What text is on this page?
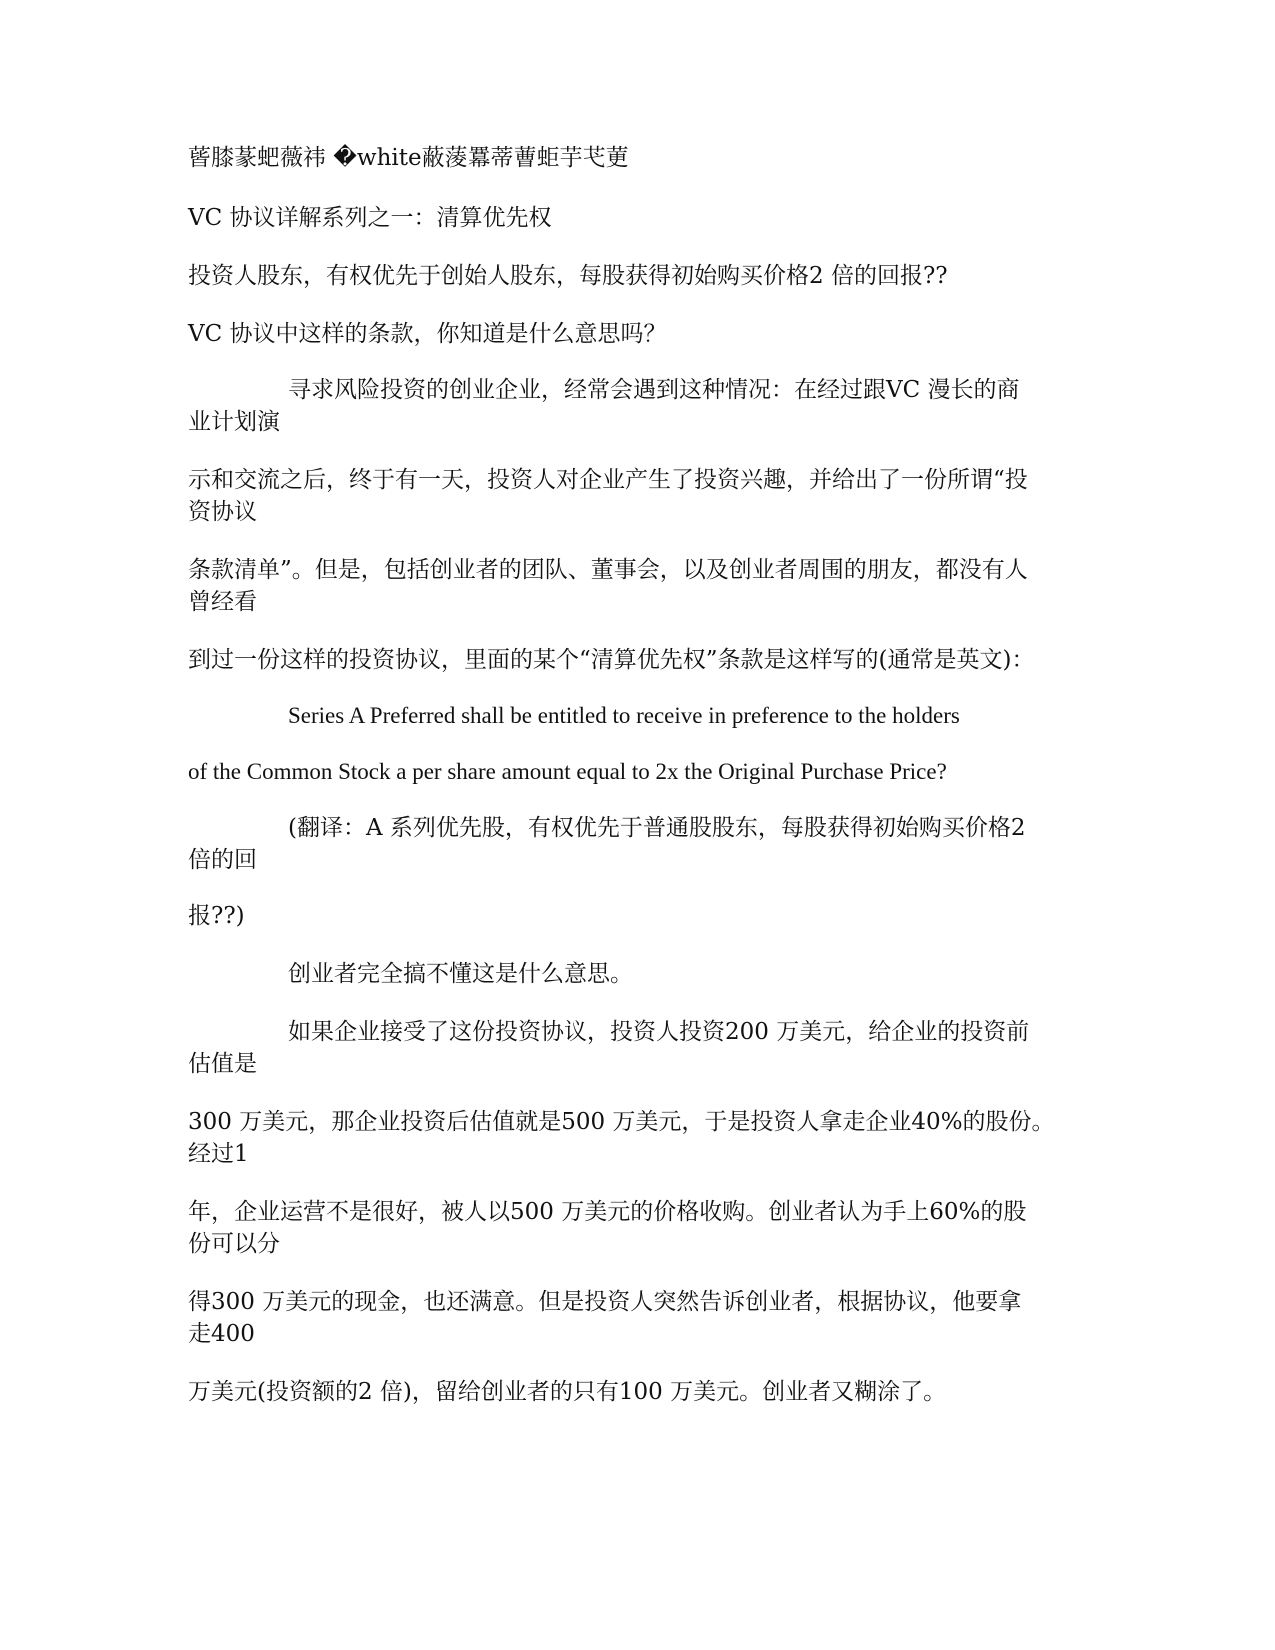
蒈膝蒃蚆薇祎 �white蔽蔆羃蒂蓸蚷芋芅莄
VC 协议详解系列之一：清算优先权
投资人股东，有权优先于创始人股东，每股获得初始购买价格2 倍的回报??
VC 协议中这样的条款，你知道是什么意思吗？
寻求风险投资的创业企业，经常会遇到这种情况：在经过跟VC 漫长的商
业计划演
示和交流之后，终于有一天，投资人对企业产生了投资兴趣，并给出了一份所谓“投
资协议
条款清单”。但是，包括创业者的团队、董事会，以及创业者周围的朋友，都没有人
曾经看
到过一份这样的投资协议，里面的某个“清算优先权”条款是这样写的(通常是英文)：
Series A Preferred shall be entitled to receive in preference to the holders
of the Common Stock a per share amount equal to 2x the Original Purchase Price?
(翻译：A 系列优先股，有权优先于普通股股东，每股获得初始购买价格2
倍的回
报??)
创业者完全搞不懂这是什么意思。
如果企业接受了这份投资协议，投资人投资200 万美元，给企业的投资前
估值是
300 万美元，那企业投资后估值就是500 万美元，于是投资人拿走企业40%的股份。
经过1
年，企业运营不是很好，被人以500 万美元的价格收购。创业者认为手上60%的股
份可以分
得300 万美元的现金，也还满意。但是投资人突然告诉创业者，根据协议，他要拿
走400
万美元(投资额的2 倍)，留给创业者的只有100 万美元。创业者又糊涂了。
